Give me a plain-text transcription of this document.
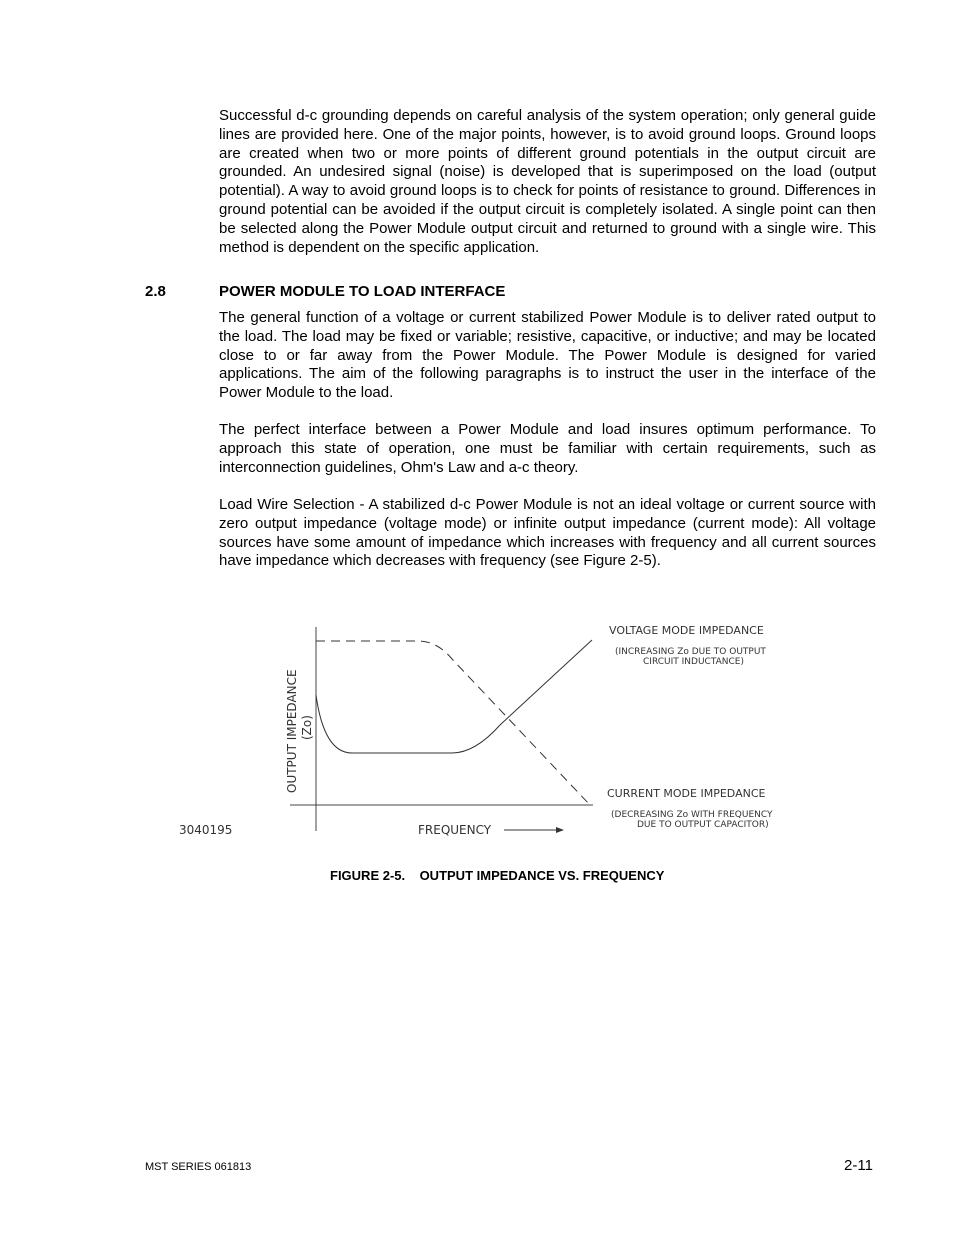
Successful d-c grounding depends on careful analysis of the system operation; only general guide lines are provided here. One of the major points, however, is to avoid ground loops. Ground loops are created when two or more points of different ground potentials in the output circuit are grounded. An undesired signal (noise) is developed that is superimposed on the load (output potential). A way to avoid ground loops is to check for points of resistance to ground. Differences in ground potential can be avoided if the output circuit is completely isolated. A single point can then be selected along the Power Module output circuit and returned to ground with a single wire. This method is dependent on the specific application.

2.8	POWER MODULE TO LOAD INTERFACE

The general function of a voltage or current stabilized Power Module is to deliver rated output to the load. The load may be fixed or variable; resistive, capacitive, or inductive; and may be located close to or far away from the Power Module. The Power Module is designed for varied applications. The aim of the following paragraphs is to instruct the user in the interface of the Power Module to the load.

The perfect interface between a Power Module and load insures optimum performance. To approach this state of operation, one must be familiar with certain requirements, such as interconnection guidelines, Ohm's Law and a-c theory.

Load Wire Selection - A stabilized d-c Power Module is not an ideal voltage or current source with zero output impedance (voltage mode) or infinite output impedance (current mode): All voltage sources have some amount of impedance which increases with frequency and all current sources have impedance which decreases with frequency (see Figure 2-5).

OUTPUT IMPEDANCE (Zo)
FREQUENCY
3040195
VOLTAGE MODE IMPEDANCE
(INCREASING Zo DUE TO OUTPUT
CIRCUIT INDUCTANCE)
CURRENT MODE IMPEDANCE
(DECREASING Zo WITH FREQUENCY
DUE TO OUTPUT CAPACITOR)
FIGURE 2-5.    OUTPUT IMPEDANCE VS. FREQUENCY
MST SERIES 061813	2-11
